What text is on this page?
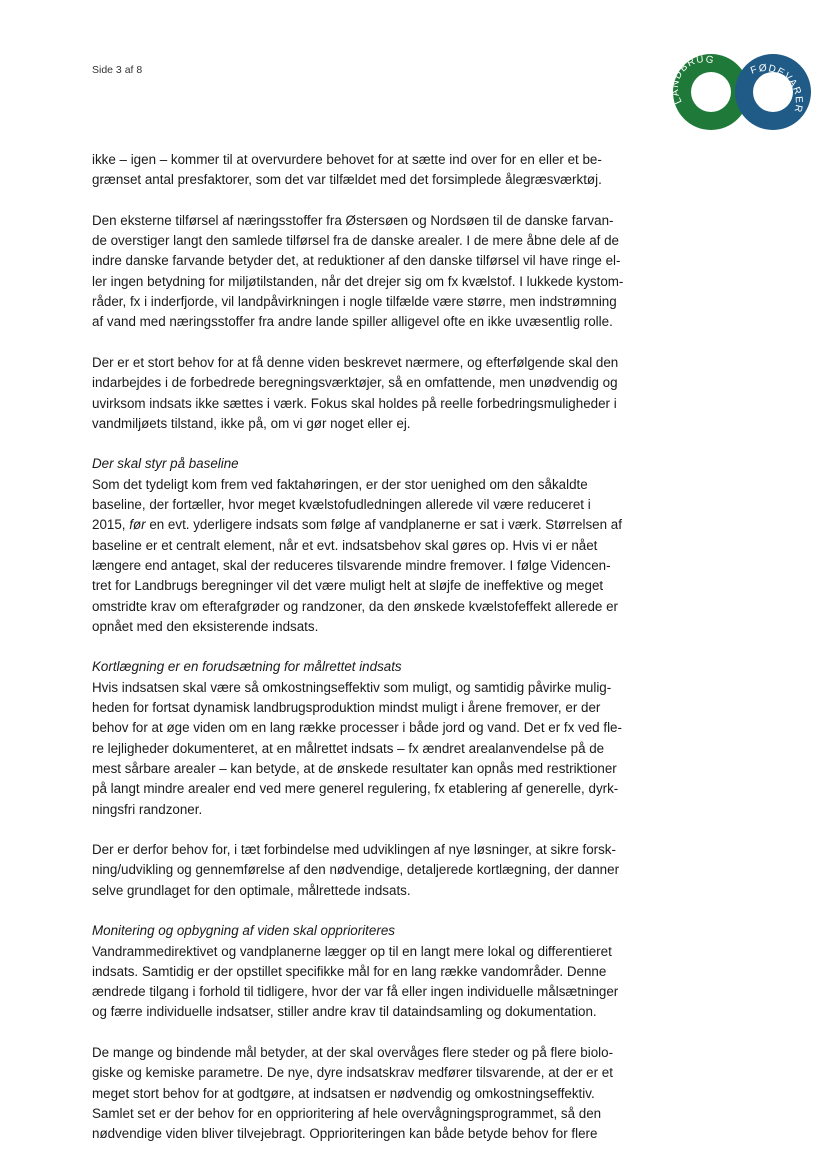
Side 3 af 8
LANDBRUG
FØDEVARER

ikke – igen – kommer til at overvurdere behovet for at sætte ind over for en eller et be-
grænset antal presfaktorer, som det var tilfældet med det forsimplede ålegræsværktøj.

Den eksterne tilførsel af næringsstoffer fra Østersøen og Nordsøen til de danske farvan-
de overstiger langt den samlede tilførsel fra de danske arealer. I de mere åbne dele af de
indre danske farvande betyder det, at reduktioner af den danske tilførsel vil have ringe el-
ler ingen betydning for miljøtilstanden, når det drejer sig om fx kvælstof. I lukkede kystom-
råder, fx i inderfjorde, vil landpåvirkningen i nogle tilfælde være større, men indstrømning
af vand med næringsstoffer fra andre lande spiller alligevel ofte en ikke uvæsentlig rolle.

Der er et stort behov for at få denne viden beskrevet nærmere, og efterfølgende skal den
indarbejdes i de forbedrede beregningsværktøjer, så en omfattende, men unødvendig og
uvirksom indsats ikke sættes i værk. Fokus skal holdes på reelle forbedringsmuligheder i
vandmiljøets tilstand, ikke på, om vi gør noget eller ej.

Der skal styr på baseline

Som det tydeligt kom frem ved faktahøringen, er der stor uenighed om den såkaldte
baseline, der fortæller, hvor meget kvælstofudledningen allerede vil være reduceret i
2015, før en evt. yderligere indsats som følge af vandplanerne er sat i værk. Størrelsen af
baseline er et centralt element, når et evt. indsatsbehov skal gøres op. Hvis vi er nået
længere end antaget, skal der reduceres tilsvarende mindre fremover. I følge Videncen-
tret for Landbrugs beregninger vil det være muligt helt at sløjfe de ineffektive og meget
omstridte krav om efterafgrøder og randzoner, da den ønskede kvælstofeffekt allerede er
opnået med den eksisterende indsats.

Kortlægning er en forudsætning for målrettet indsats

Hvis indsatsen skal være så omkostningseffektiv som muligt, og samtidig påvirke mulig-
heden for fortsat dynamisk landbrugsproduktion mindst muligt i årene fremover, er der
behov for at øge viden om en lang række processer i både jord og vand. Det er fx ved fle-
re lejligheder dokumenteret, at en målrettet indsats – fx ændret arealanvendelse på de
mest sårbare arealer – kan betyde, at de ønskede resultater kan opnås med restriktioner
på langt mindre arealer end ved mere generel regulering, fx etablering af generelle, dyrk-
ningsfri randzoner.

Der er derfor behov for, i tæt forbindelse med udviklingen af nye løsninger, at sikre forsk-
ning/udvikling og gennemførelse af den nødvendige, detaljerede kortlægning, der danner
selve grundlaget for den optimale, målrettede indsats.

Monitering og opbygning af viden skal opprioriteres

Vandrammedirektivet og vandplanerne lægger op til en langt mere lokal og differentieret
indsats. Samtidig er der opstillet specifikke mål for en lang række vandområder. Denne
ændrede tilgang i forhold til tidligere, hvor der var få eller ingen individuelle målsætninger
og færre individuelle indsatser, stiller andre krav til dataindsamling og dokumentation.

De mange og bindende mål betyder, at der skal overvåges flere steder og på flere biolo-
giske og kemiske parametre. De nye, dyre indsatskrav medfører tilsvarende, at der er et
meget stort behov for at godtgøre, at indsatsen er nødvendig og omkostningseffektiv.
Samlet set er der behov for en opprioritering af hele overvågningsprogrammet, så den
nødvendige viden bliver tilvejebragt. Opprioriteringen kan både betyde behov for flere
